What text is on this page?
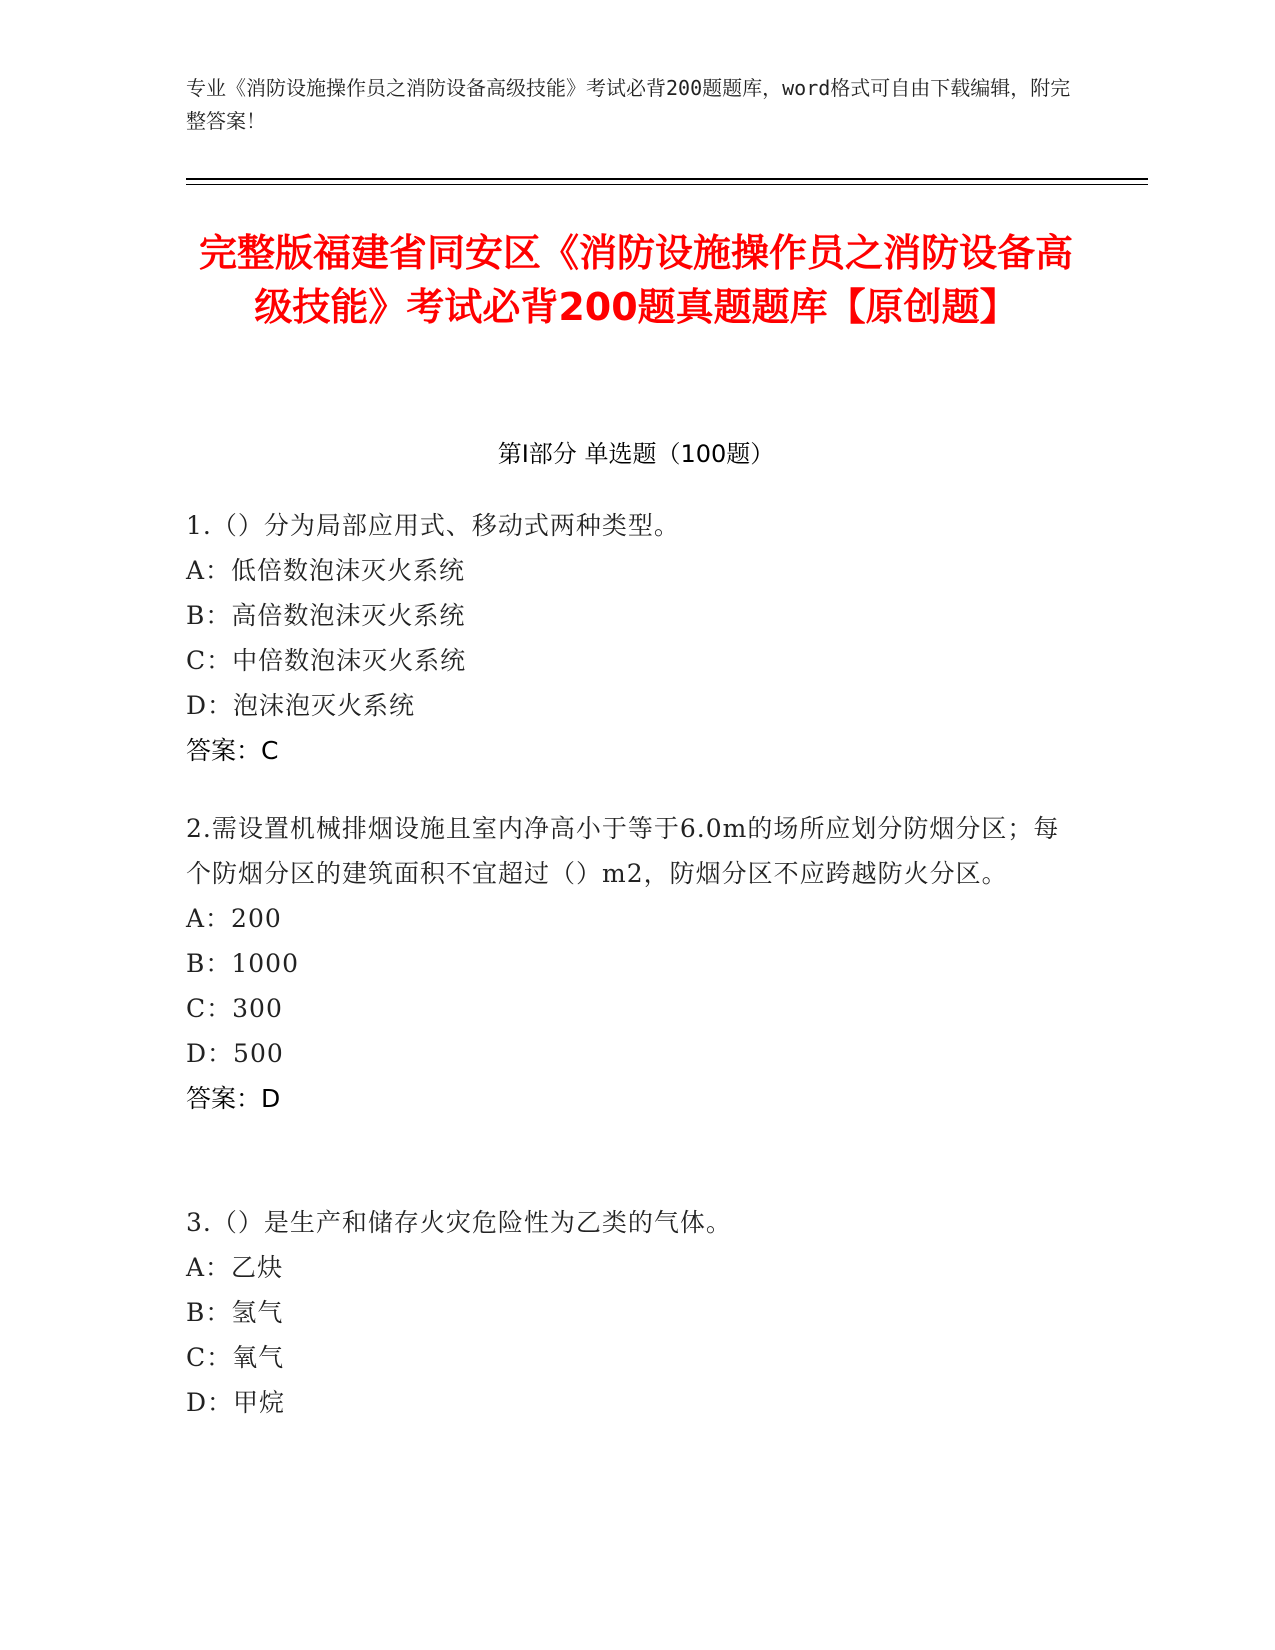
专业《消防设施操作员之消防设备高级技能》考试必背200题题库，word格式可自由下载编辑，附完整答案！
完整版福建省同安区《消防设施操作员之消防设备高级技能》考试必背200题真题题库【原创题】
第I部分 单选题（100题）
1.（）分为局部应用式、移动式两种类型。
A：低倍数泡沫灭火系统
B：高倍数泡沫灭火系统
C：中倍数泡沫灭火系统
D：泡沫泡灭火系统
答案：C
2.需设置机械排烟设施且室内净高小于等于6.0m的场所应划分防烟分区；每个防烟分区的建筑面积不宜超过（）m2，防烟分区不应跨越防火分区。
A：200
B：1000
C：300
D：500
答案：D
3.（）是生产和储存火灾危险性为乙类的气体。
A：乙炔
B：氢气
C：氧气
D：甲烷
